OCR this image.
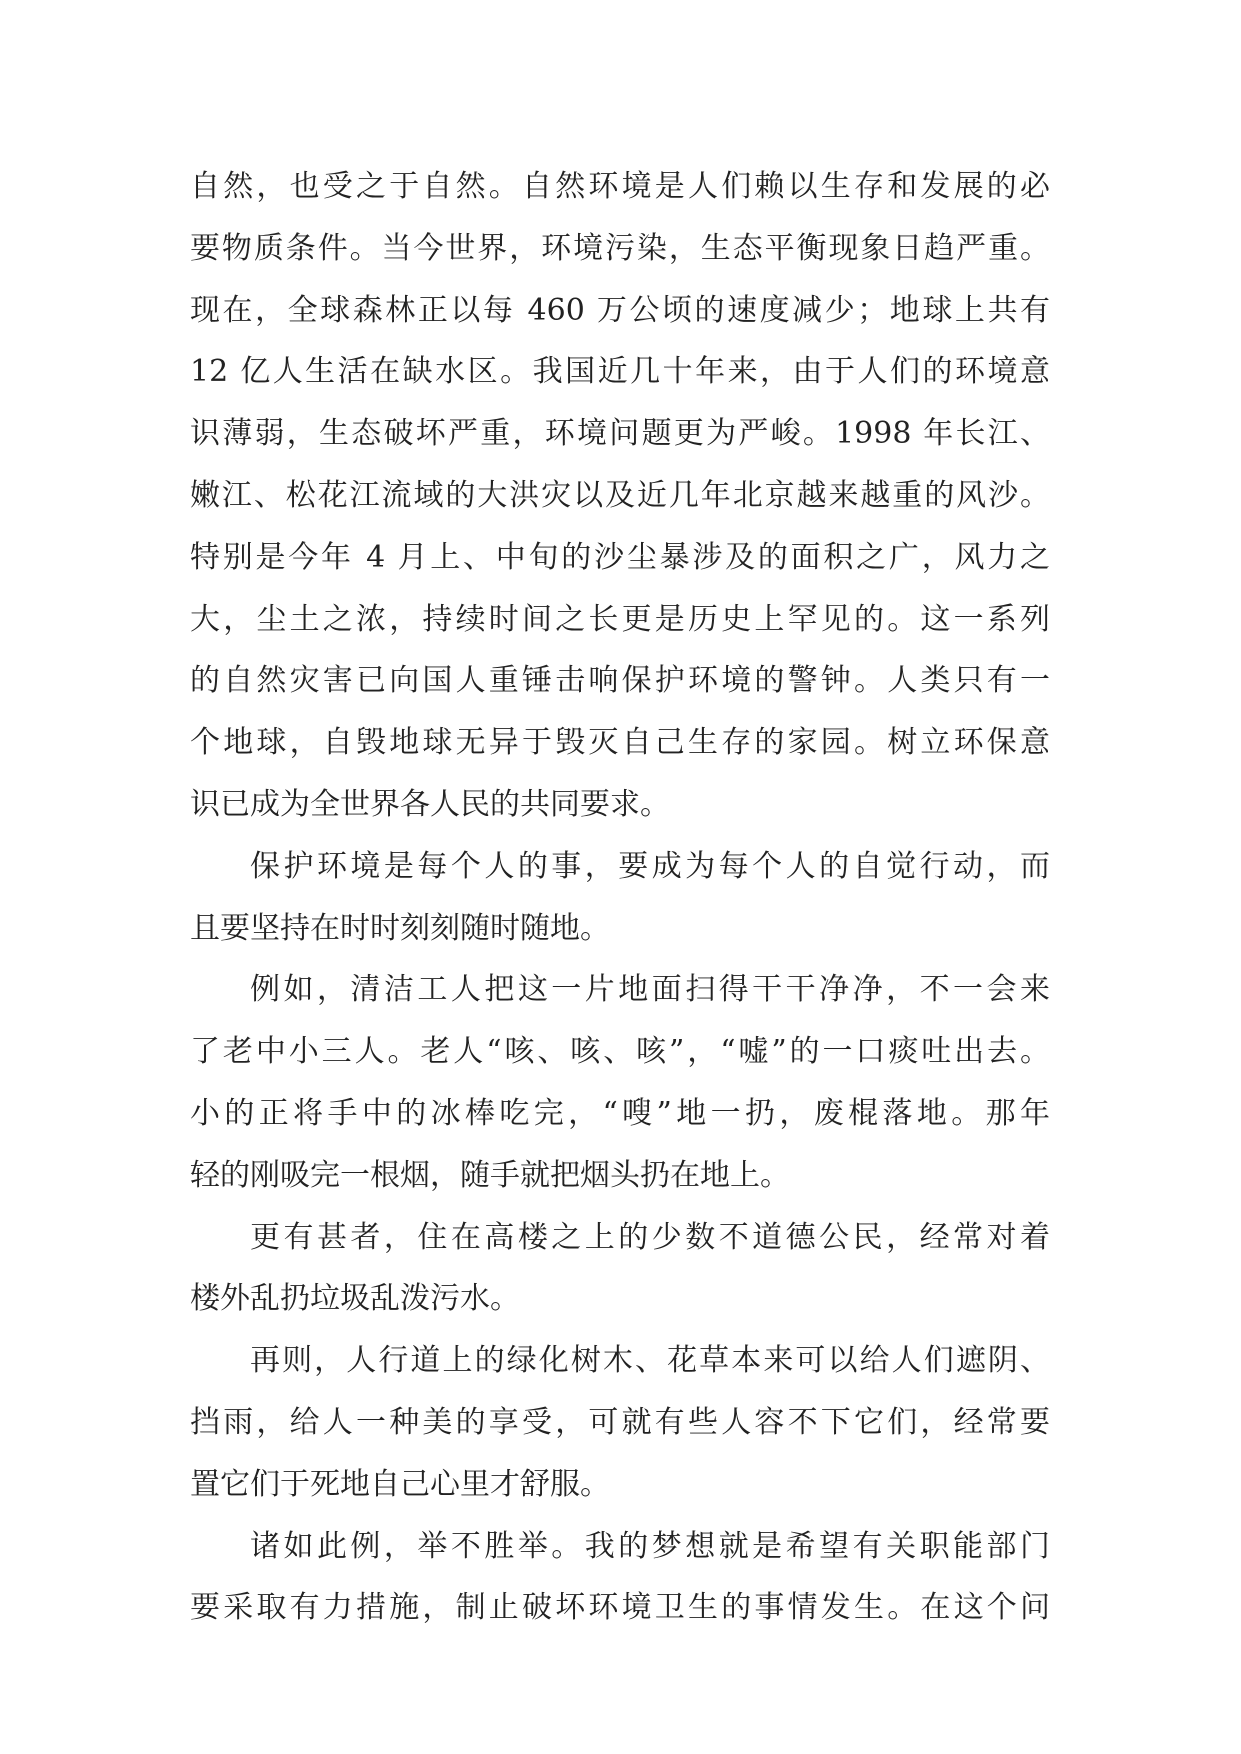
自然，也受之于自然。自然环境是人们赖以生存和发展的必
要物质条件。当今世界，环境污染，生态平衡现象日趋严重。
现在，全球森林正以每 460 万公顷的速度减少；地球上共有
12 亿人生活在缺水区。我国近几十年来，由于人们的环境意
识薄弱，生态破坏严重，环境问题更为严峻。1998 年长江、
嫩江、松花江流域的大洪灾以及近几年北京越来越重的风沙。
特别是今年 4 月上、中旬的沙尘暴涉及的面积之广，风力之
大，尘土之浓，持续时间之长更是历史上罕见的。这一系列
的自然灾害已向国人重锤击响保护环境的警钟。人类只有一
个地球，自毁地球无异于毁灭自己生存的家园。树立环保意
识已成为全世界各人民的共同要求。
保护环境是每个人的事，要成为每个人的自觉行动，而
且要坚持在时时刻刻随时随地。
例如，清洁工人把这一片地面扫得干干净净，不一会来
了老中小三人。老人“咳、咳、咳”，“嘘”的一口痰吐出去。
小的正将手中的冰棒吃完，“嗖”地一扔，废棍落地。那年
轻的刚吸完一根烟，随手就把烟头扔在地上。
更有甚者，住在高楼之上的少数不道德公民，经常对着
楼外乱扔垃圾乱泼污水。
再则，人行道上的绿化树木、花草本来可以给人们遮阴、
挡雨，给人一种美的享受，可就有些人容不下它们，经常要
置它们于死地自己心里才舒服。
诸如此例，举不胜举。我的梦想就是希望有关职能部门
要采取有力措施，制止破坏环境卫生的事情发生。在这个问
